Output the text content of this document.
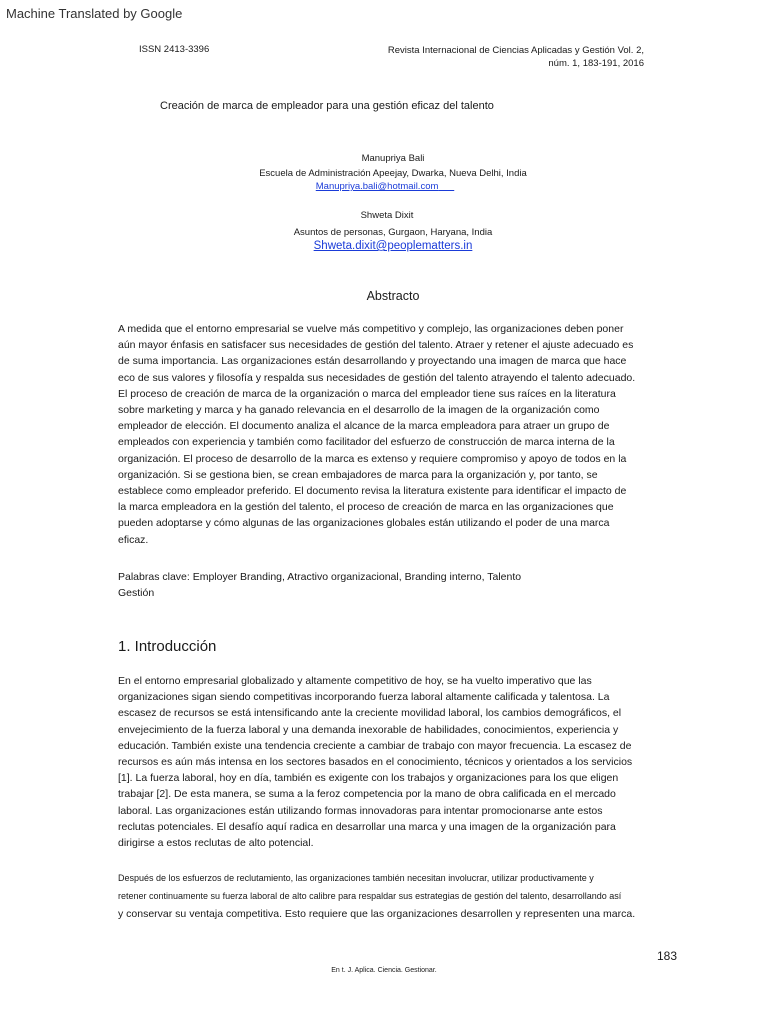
Machine Translated by Google
ISSN 2413-3396	Revista Internacional de Ciencias Aplicadas y Gestión Vol. 2,
núm. 1, 183-191, 2016
Creación de marca de empleador para una gestión eficaz del talento
Manupriya Bali
Escuela de Administración Apeejay, Dwarka, Nueva Delhi, India
Manupriya.bali@hotmail.com
Shweta Dixit
Asuntos de personas, Gurgaon, Haryana, India
Shweta.dixit@peoplematters.in
Abstracto
A medida que el entorno empresarial se vuelve más competitivo y complejo, las organizaciones deben poner
aún mayor énfasis en satisfacer sus necesidades de gestión del talento. Atraer y retener el ajuste adecuado es
de suma importancia. Las organizaciones están desarrollando y proyectando una imagen de marca que hace
eco de sus valores y filosofía y respalda sus necesidades de gestión del talento atrayendo el talento adecuado.
El proceso de creación de marca de la organización o marca del empleador tiene sus raíces en la literatura
sobre marketing y marca y ha ganado relevancia en el desarrollo de la imagen de la organización como
empleador de elección. El documento analiza el alcance de la marca empleadora para atraer un grupo de
empleados con experiencia y también como facilitador del esfuerzo de construcción de marca interna de la
organización. El proceso de desarrollo de la marca es extenso y requiere compromiso y apoyo de todos en la
organización. Si se gestiona bien, se crean embajadores de marca para la organización y, por tanto, se
establece como empleador preferido. El documento revisa la literatura existente para identificar el impacto de
la marca empleadora en la gestión del talento, el proceso de creación de marca en las organizaciones que
pueden adoptarse y cómo algunas de las organizaciones globales están utilizando el poder de una marca
eficaz.
Palabras clave: Employer Branding, Atractivo organizacional, Branding interno, Talento
Gestión
1. Introducción
En el entorno empresarial globalizado y altamente competitivo de hoy, se ha vuelto imperativo que las
organizaciones sigan siendo competitivas incorporando fuerza laboral altamente calificada y talentosa. La
escasez de recursos se está intensificando ante la creciente movilidad laboral, los cambios demográficos, el
envejecimiento de la fuerza laboral y una demanda inexorable de habilidades, conocimientos, experiencia y
educación. También existe una tendencia creciente a cambiar de trabajo con mayor frecuencia. La escasez de
recursos es aún más intensa en los sectores basados en el conocimiento, técnicos y orientados a los servicios
[1]. La fuerza laboral, hoy en día, también es exigente con los trabajos y organizaciones para los que eligen
trabajar [2]. De esta manera, se suma a la feroz competencia por la mano de obra calificada en el mercado
laboral. Las organizaciones están utilizando formas innovadoras para intentar promocionarse ante estos
reclutas potenciales. El desafío aquí radica en desarrollar una marca y una imagen de la organización para
dirigirse a estos reclutas de alto potencial.
Después de los esfuerzos de reclutamiento, las organizaciones también necesitan involucrar, utilizar productivamente y
retener continuamente su fuerza laboral de alto calibre para respaldar sus estrategias de gestión del talento, desarrollando así
y conservar su ventaja competitiva. Esto requiere que las organizaciones desarrollen y representen una marca.
183
En t. J. Aplica. Ciencia. Gestionar.
